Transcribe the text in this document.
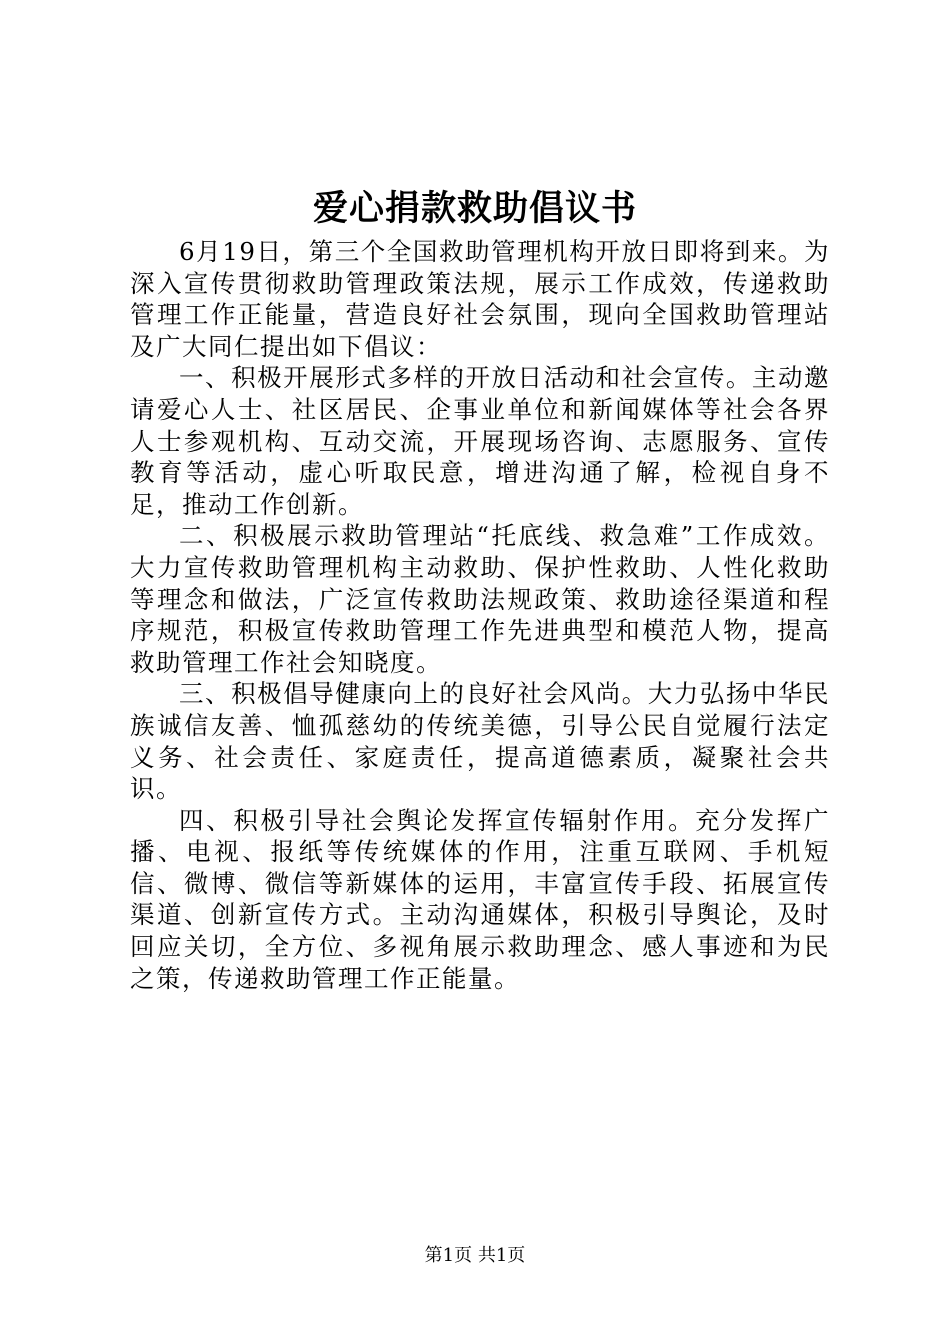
爱心捐款救助倡议书

6月19日，第三个全国救助管理机构开放日即将到来。为深入宣传贯彻救助管理政策法规，展示工作成效，传递救助管理工作正能量，营造良好社会氛围，现向全国救助管理站及广大同仁提出如下倡议：

一、积极开展形式多样的开放日活动和社会宣传。主动邀请爱心人士、社区居民、企事业单位和新闻媒体等社会各界人士参观机构、互动交流，开展现场咨询、志愿服务、宣传教育等活动，虚心听取民意，增进沟通了解，检视自身不足，推动工作创新。

二、积极展示救助管理站“托底线、救急难”工作成效。大力宣传救助管理机构主动救助、保护性救助、人性化救助等理念和做法，广泛宣传救助法规政策、救助途径渠道和程序规范，积极宣传救助管理工作先进典型和模范人物，提高救助管理工作社会知晓度。

三、积极倡导健康向上的良好社会风尚。大力弘扬中华民族诚信友善、恤孤慈幼的传统美德，引导公民自觉履行法定义务、社会责任、家庭责任，提高道德素质，凝聚社会共识。

四、积极引导社会舆论发挥宣传辐射作用。充分发挥广播、电视、报纸等传统媒体的作用，注重互联网、手机短信、微博、微信等新媒体的运用，丰富宣传手段、拓展宣传渠道、创新宣传方式。主动沟通媒体，积极引导舆论，及时回应关切，全方位、多视角展示救助理念、感人事迹和为民之策，传递救助管理工作正能量。

第1页 共1页
